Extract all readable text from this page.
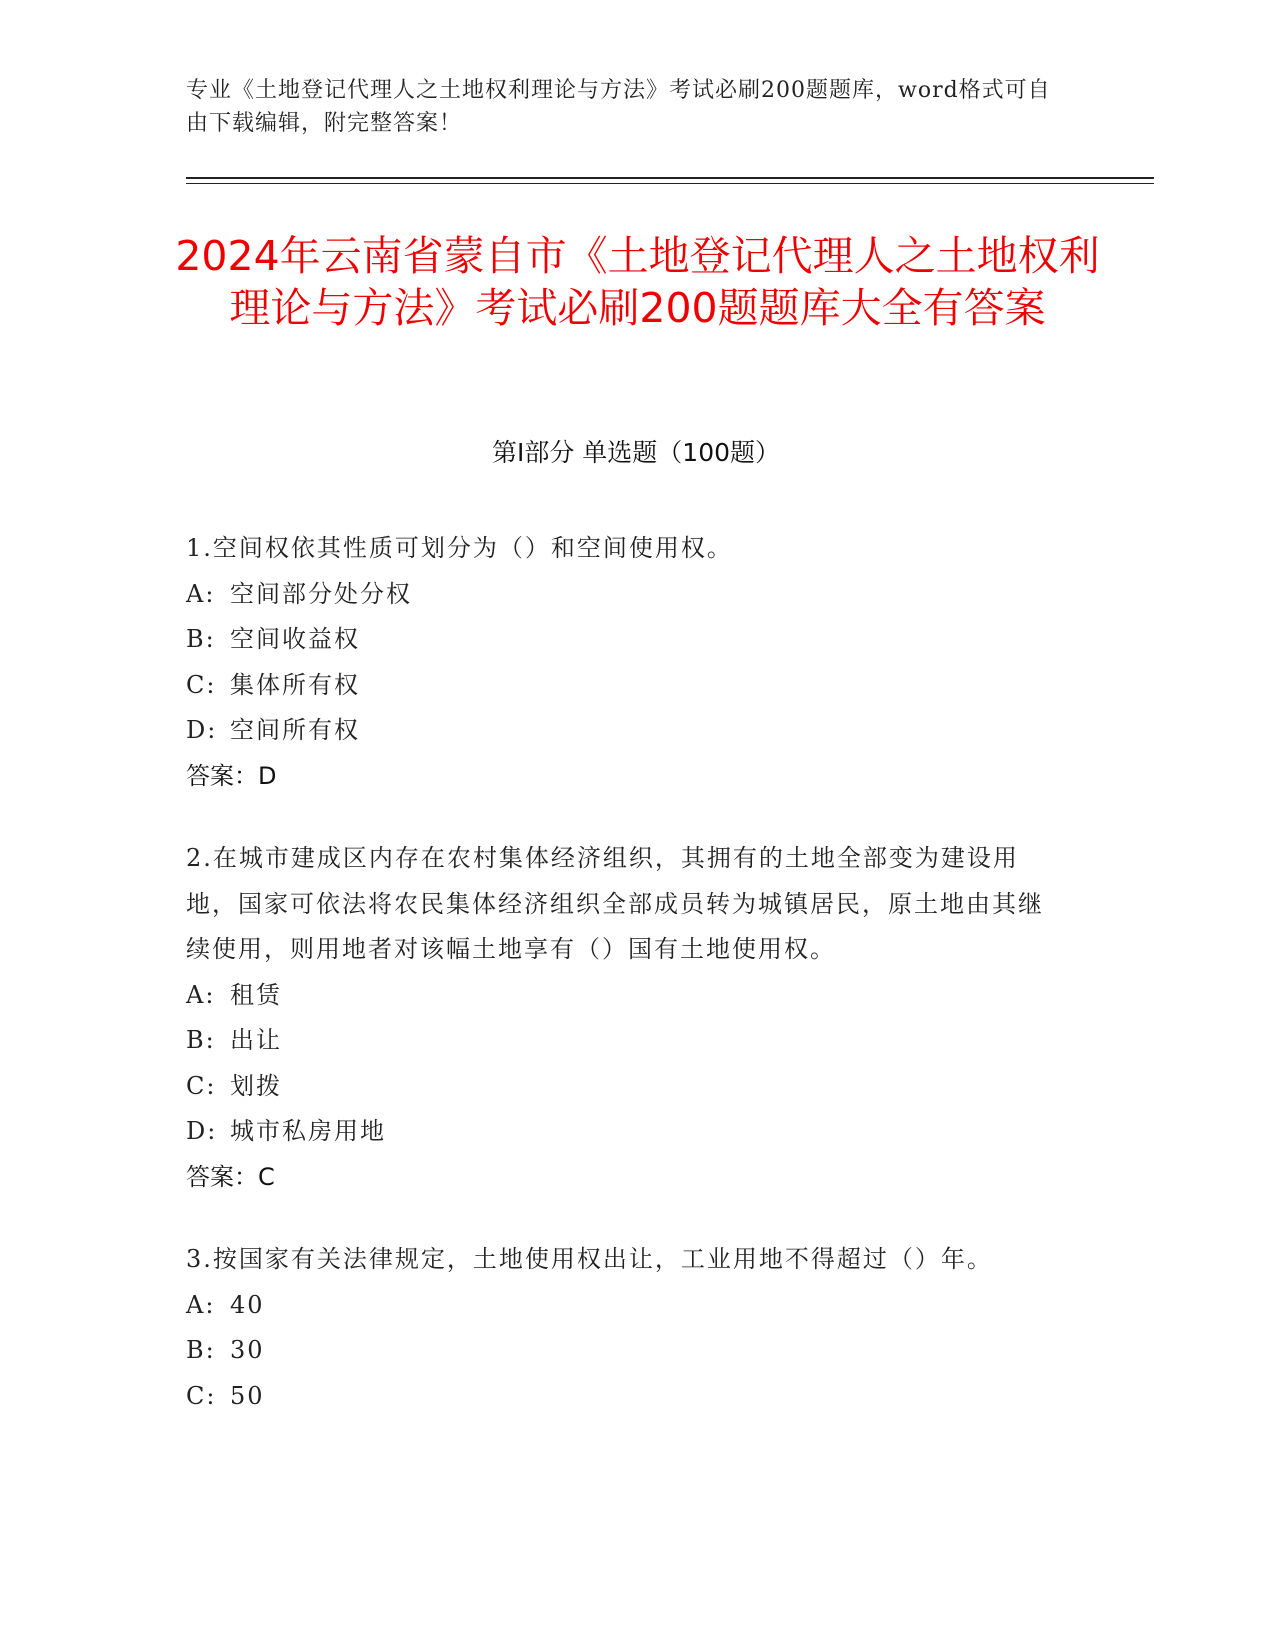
专业《土地登记代理人之土地权利理论与方法》考试必刷200题题库，word格式可自由下载编辑，附完整答案！
2024年云南省蒙自市《土地登记代理人之土地权利理论与方法》考试必刷200题题库大全有答案
第Ⅰ部分 单选题（100题）

1.空间权依其性质可划分为（）和空间使用权。

A: 空间部分处分权

B: 空间收益权

C: 集体所有权

D: 空间所有权

答案：D

2.在城市建成区内存在农村集体经济组织，其拥有的土地全部变为建设用地，国家可依法将农民集体经济组织全部成员转为城镇居民，原土地由其继续使用，则用地者对该幅土地享有（）国有土地使用权。

A: 租赁

B: 出让

C: 划拨

D: 城市私房用地

答案：C

3.按国家有关法律规定，土地使用权出让，工业用地不得超过（）年。

A: 40

B: 30

C: 50
